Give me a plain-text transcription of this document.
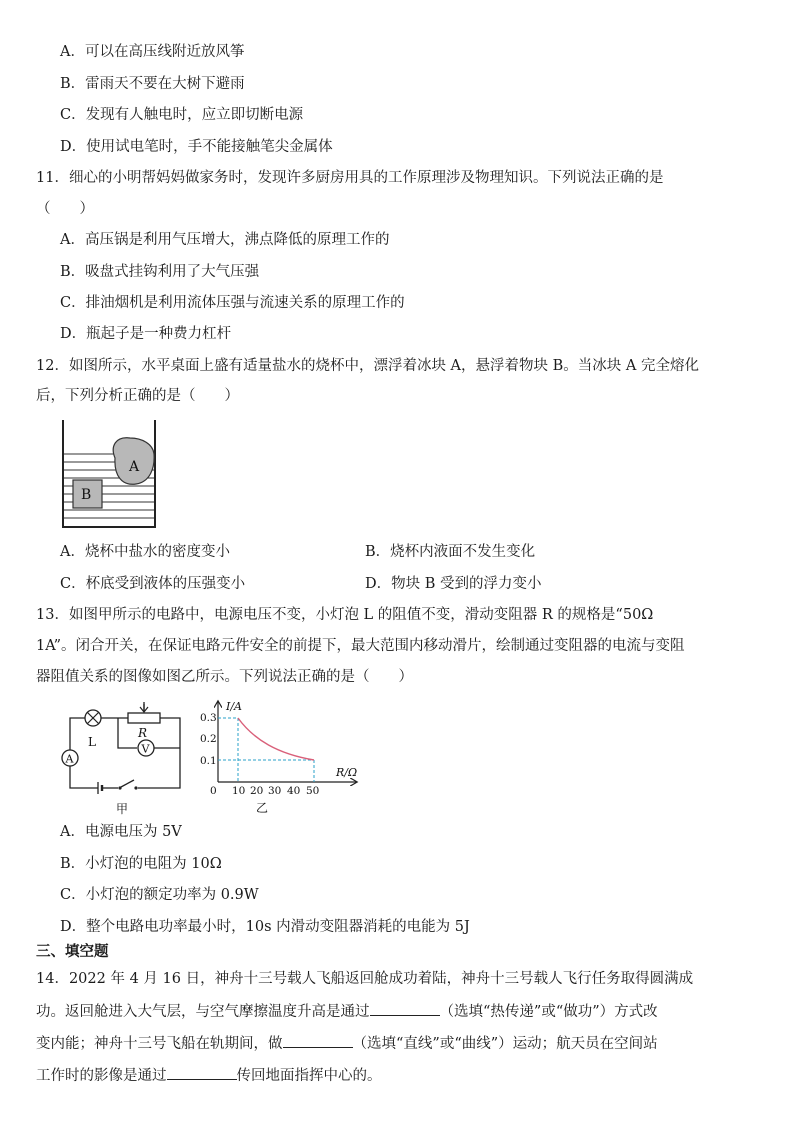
A．可以在高压线附近放风筝
B．雷雨天不要在大树下避雨
C．发现有人触电时，应立即切断电源
D．使用试电笔时，手不能接触笔尖金属体
11．细心的小明帮妈妈做家务时，发现许多厨房用具的工作原理涉及物理知识。下列说法正确的是
（　　）
A．高压锅是利用气压增大，沸点降低的原理工作的
B．吸盘式挂钩利用了大气压强
C．排油烟机是利用流体压强与流速关系的原理工作的
D．瓶起子是一种费力杠杆
12．如图所示，水平桌面上盛有适量盐水的烧杯中，漂浮着冰块 A，悬浮着物块 B。当冰块 A 完全熔化
后，下列分析正确的是（　　）
A
B
A．烧杯中盐水的密度变小	B．烧杯内液面不发生变化
C．杯底受到液体的压强变小	D．物块 B 受到的浮力变小
13．如图甲所示的电路中，电源电压不变，小灯泡 L 的阻值不变，滑动变阻器 R 的规格是“50Ω
1A”。闭合开关，在保证电路元件安全的前提下，最大范围内移动滑片，绘制通过变阻器的电流与变阻
器阻值关系的图像如图乙所示。下列说法正确的是（　　）
L
R
V
A
甲
I/A
R/Ω
0.3
0.2
0.1
0 10 20 30 40 50
乙
A．电源电压为 5V
B．小灯泡的电阻为 10Ω
C．小灯泡的额定功率为 0.9W
D．整个电路电功率最小时，10s 内滑动变阻器消耗的电能为 5J
三、填空题
14．2022 年 4 月 16 日，神舟十三号载人飞船返回舱成功着陆，神舟十三号载人飞行任务取得圆满成
功。返回舱进入大气层，与空气摩擦温度升高是通过	（选填“热传递”或“做功”）方式改
变内能；神舟十三号飞船在轨期间，做	（选填“直线”或“曲线”）运动；航天员在空间站
工作时的影像是通过	传回地面指挥中心的。
